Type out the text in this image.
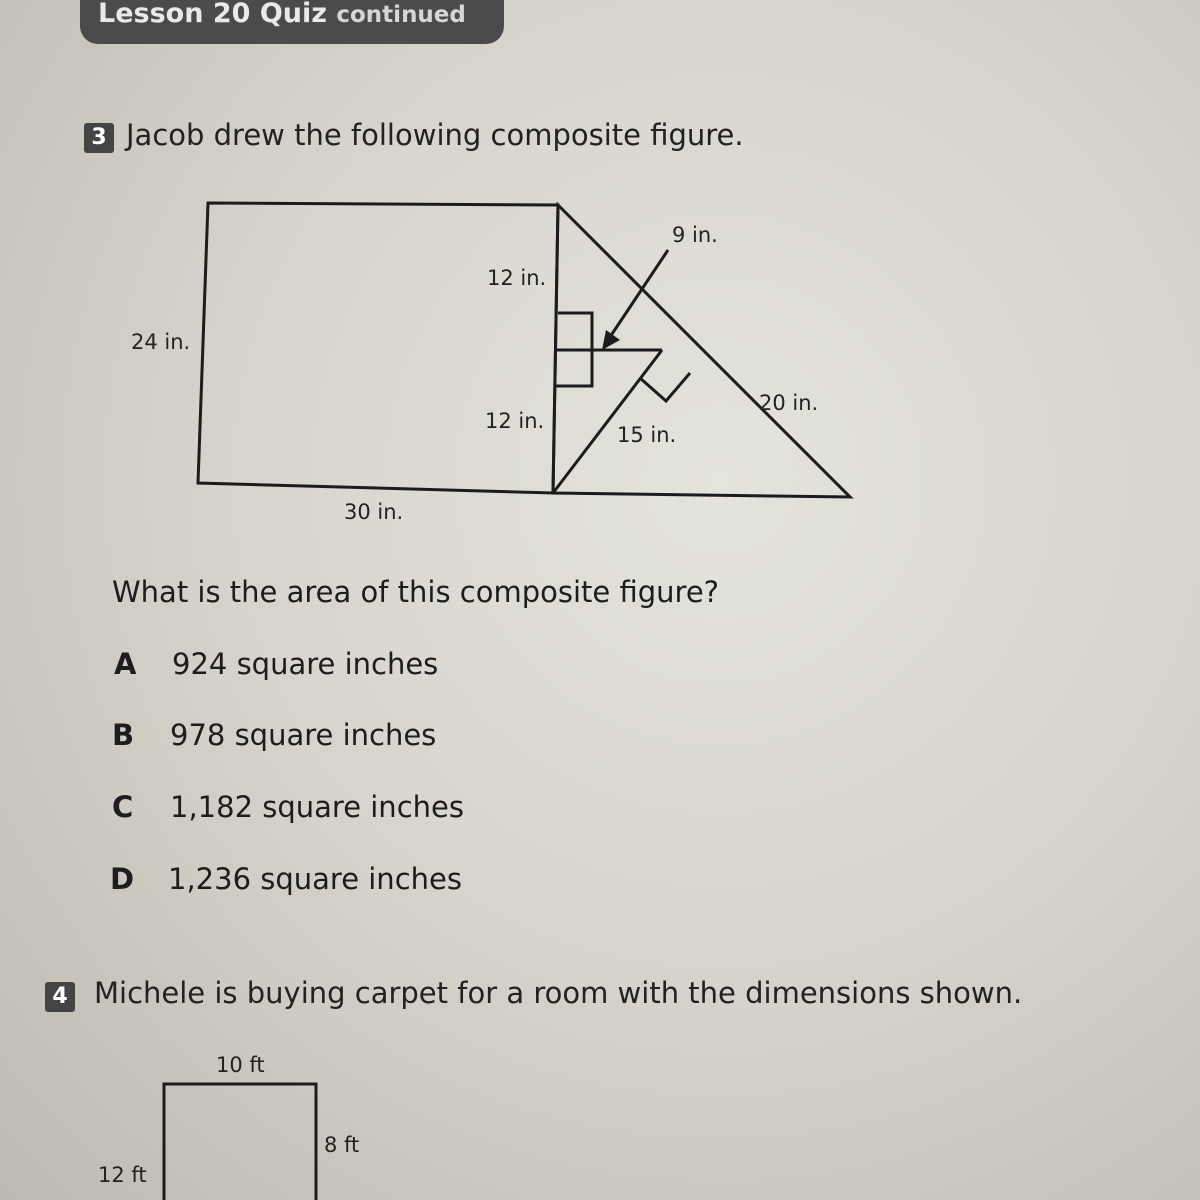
Lesson 20 Quiz continued
3 Jacob drew the following composite figure.
9 in.
12 in.
24 in.
12 in.
20 in.
15 in.
30 in.
10 ft
8 ft
12 ft
What is the area of this composite figure?
A 924 square inches
B 978 square inches
C 1,182 square inches
D 1,236 square inches
4 Michele is buying carpet for a room with the dimensions shown.
